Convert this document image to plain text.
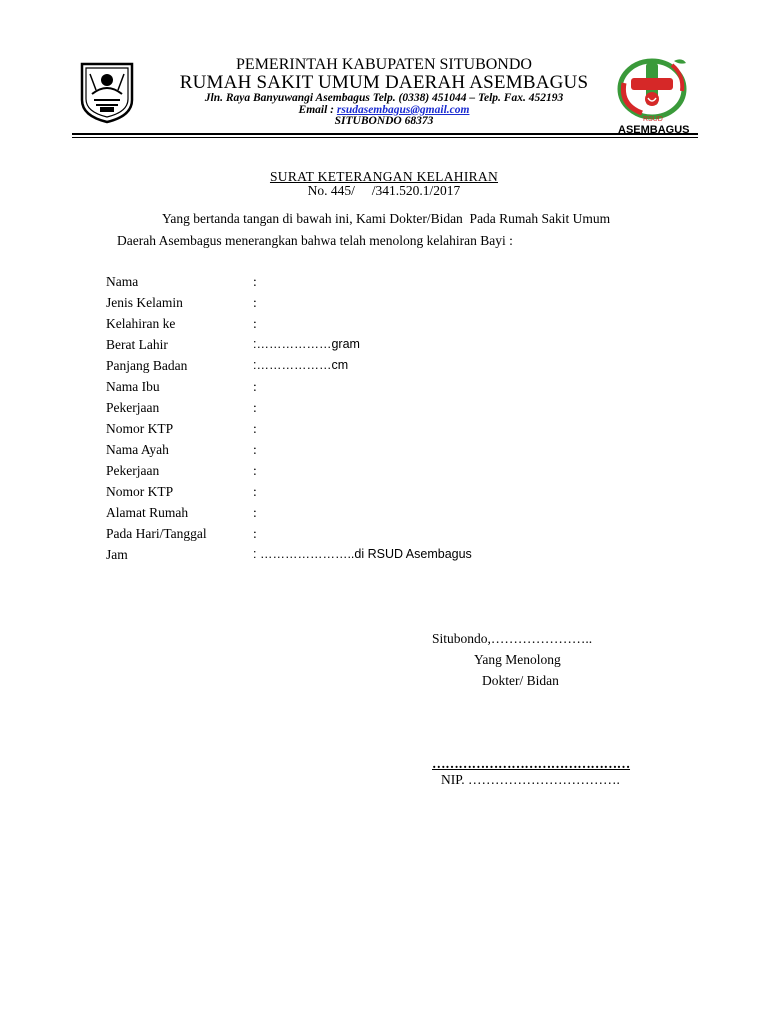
RSUD
ASEMBAGUS
PEMERINTAH KABUPATEN SITUBONDO
RUMAH SAKIT UMUM DAERAH ASEMBAGUS
Jln. Raya Banyuwangi Asembagus Telp. (0338) 451044 – Telp. Fax. 452193
Email : rsudasembagus@gmail.com
SITUBONDO 68373
SURAT KETERANGAN KELAHIRAN
No. 445/     /341.520.1/2017
Yang bertanda tangan di bawah ini, Kami Dokter/Bidan  Pada Rumah Sakit Umum
Daerah Asembagus menerangkan bahwa telah menolong kelahiran Bayi :
Nama	:
Jenis Kelamin	:
Kelahiran ke	:
Berat Lahir	:………………gram
Panjang Badan	:………………cm
Nama Ibu	:
Pekerjaan	:
Nomor KTP	:
Nama Ayah	:
Pekerjaan	:
Nomor KTP	:
Alamat Rumah	:
Pada Hari/Tanggal	:
Jam	: …………………..di RSUD Asembagus
Situbondo,…………………..
Yang Menolong
Dokter/ Bidan
………………………………………
NIP. …………………………….
